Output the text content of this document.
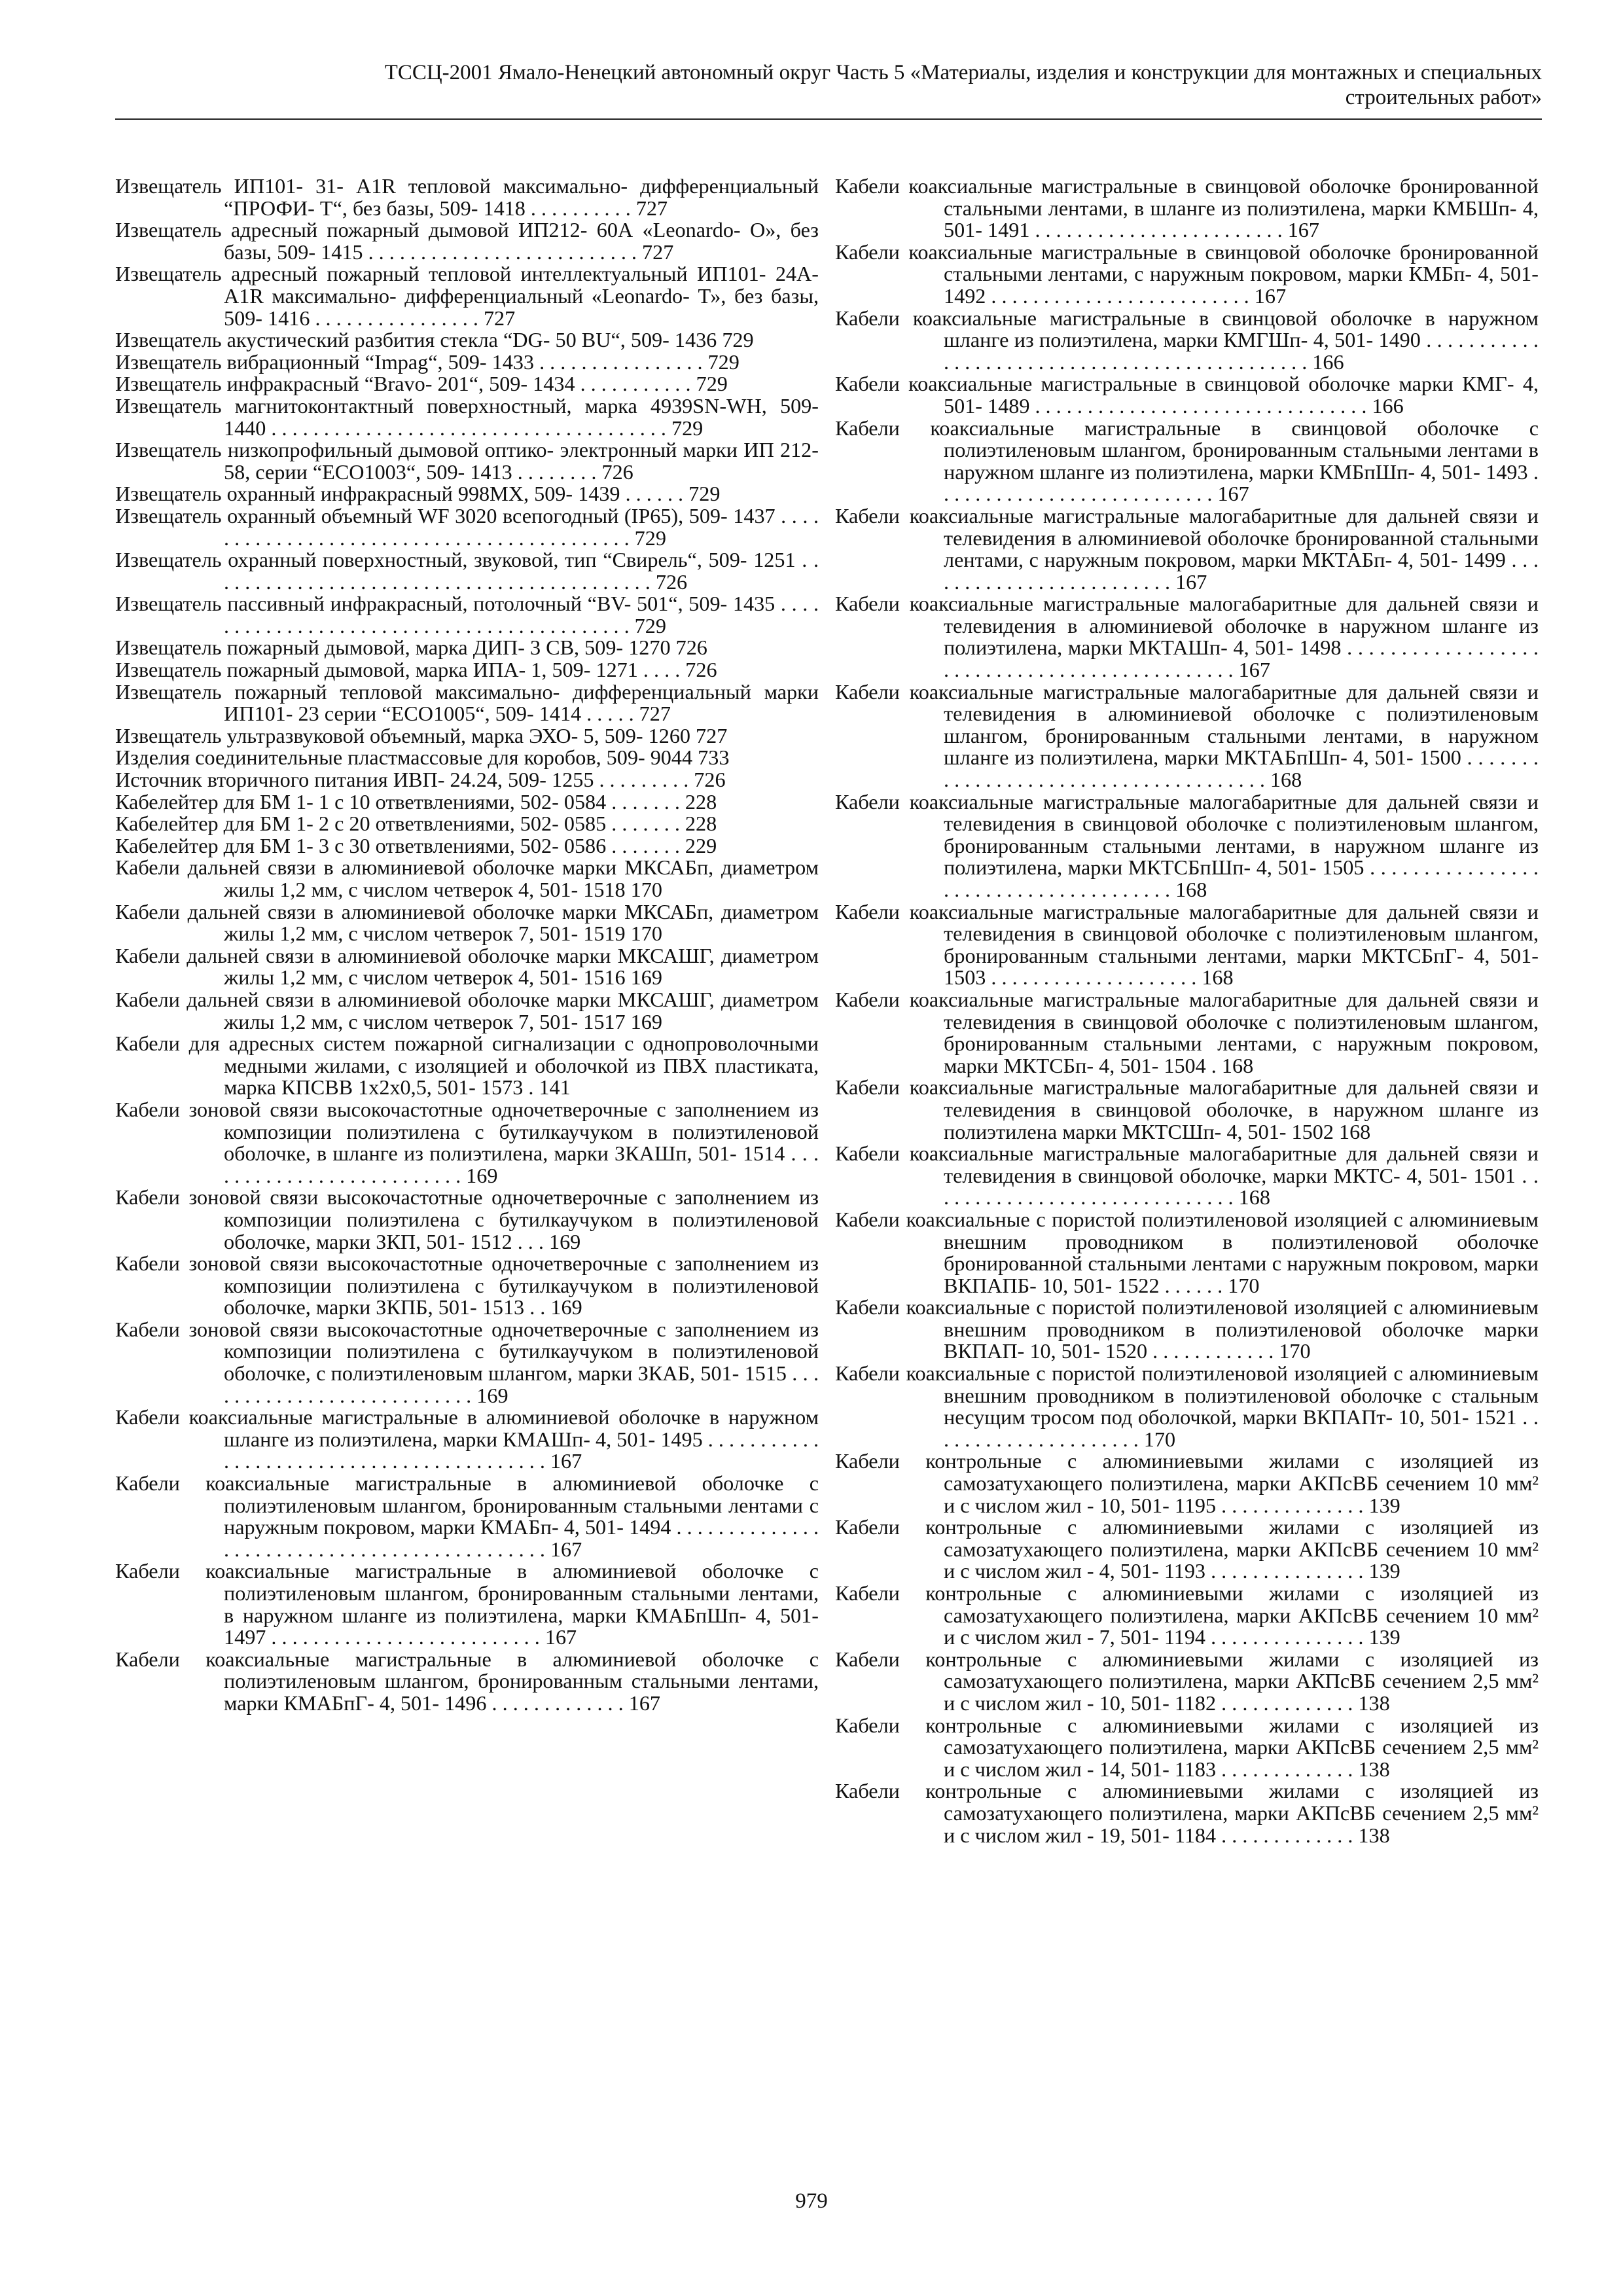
ТССЦ-2001 Ямало-Ненецкий автономный округ Часть 5 «Материалы, изделия и конструкции для монтажных и специальных
строительных работ»

Извещатель ИП101- 31- A1R тепловой максимально- дифференциальный “ПРОФИ- Т“, без базы, 509- 1418 . . . . . . . . . . 727

Извещатель адресный пожарный дымовой ИП212- 60А «Leonardo- О», без базы, 509- 1415 . . . . . . . . . . . . . . . . . . . . . . . . . . 727

Извещатель адресный пожарный тепловой интеллектуальный ИП101- 24А- A1R максимально- дифференциальный «Leonardo- Т», без базы, 509- 1416 . . . . . . . . . . . . . . . . 727

Извещатель акустический разбития стекла “DG- 50 BU“, 509- 1436 729

Извещатель вибрационный “Impag“, 509- 1433 . . . . . . . . . . . . . . . . 729

Извещатель инфракрасный “Bravo- 201“, 509- 1434 . . . . . . . . . . . 729

Извещатель магнитоконтактный поверхностный, марка 4939SN-WH, 509- 1440 . . . . . . . . . . . . . . . . . . . . . . . . . . . . . . . . . . . . . . 729

Извещатель низкопрофильный дымовой оптико- электронный марки ИП 212- 58, серии “ECO1003“, 509- 1413 . . . . . . . . 726

Извещатель охранный инфракрасный 998МХ, 509- 1439 . . . . . . 729

Извещатель охранный объемный WF 3020 всепогодный (IP65), 509- 1437 . . . . . . . . . . . . . . . . . . . . . . . . . . . . . . . . . . . . . . . . . . . 729

Извещатель охранный поверхностный, звуковой, тип “Свирель“, 509- 1251 . . . . . . . . . . . . . . . . . . . . . . . . . . . . . . . . . . . . . . . . . . . 726

Извещатель пассивный инфракрасный, потолочный “BV- 501“, 509- 1435 . . . . . . . . . . . . . . . . . . . . . . . . . . . . . . . . . . . . . . . . . . . 729

Извещатель пожарный дымовой, марка ДИП- 3 СВ, 509- 1270 726

Извещатель пожарный дымовой, марка ИПА- 1, 509- 1271 . . . . 726

Извещатель пожарный тепловой максимально- дифференциальный марки ИП101- 23 серии “ECO1005“, 509- 1414 . . . . . 727

Извещатель ультразвуковой объемный, марка ЭХО- 5, 509- 1260 727

Изделия соединительные пластмассовые для коробов, 509- 9044 733

Источник вторичного питания ИВП- 24.24, 509- 1255 . . . . . . . . . 726

Кабелейтер для БМ 1- 1 с 10 ответвлениями, 502- 0584 . . . . . . . 228

Кабелейтер для БМ 1- 2 с 20 ответвлениями, 502- 0585 . . . . . . . 228

Кабелейтер для БМ 1- 3 с 30 ответвлениями, 502- 0586 . . . . . . . 229

Кабели дальней связи в алюминиевой оболочке марки МКСАБп, диаметром жилы 1,2 мм, с числом четверок 4, 501- 1518 170

Кабели дальней связи в алюминиевой оболочке марки МКСАБп, диаметром жилы 1,2 мм, с числом четверок 7, 501- 1519 170

Кабели дальней связи в алюминиевой оболочке марки МКСАШГ, диаметром жилы 1,2 мм, с числом четверок 4, 501- 1516 169

Кабели дальней связи в алюминиевой оболочке марки МКСАШГ, диаметром жилы 1,2 мм, с числом четверок 7, 501- 1517 169

Кабели для адресных систем пожарной сигнализации с однопроволочными медными жилами, с изоляцией и оболочкой из ПВХ пластиката, марка КПСВВ 1х2х0,5, 501- 1573 . 141

Кабели зоновой связи высокочастотные одночетверочные с заполнением из композиции полиэтилена с бутилкаучуком в полиэтиленовой оболочке, в шланге из полиэтилена, марки ЗКАШп, 501- 1514 . . . . . . . . . . . . . . . . . . . . . . . . . . 169

Кабели зоновой связи высокочастотные одночетверочные с заполнением из композиции полиэтилена с бутилкаучуком в полиэтиленовой оболочке, марки ЗКП, 501- 1512 . . . 169

Кабели зоновой связи высокочастотные одночетверочные с заполнением из композиции полиэтилена с бутилкаучуком в полиэтиленовой оболочке, марки ЗКПБ, 501- 1513 . . 169

Кабели зоновой связи высокочастотные одночетверочные с заполнением из композиции полиэтилена с бутилкаучуком в полиэтиленовой оболочке, с полиэтиленовым шлангом, марки ЗКАБ, 501- 1515 . . . . . . . . . . . . . . . . . . . . . . . . . . . 169

Кабели коаксиальные магистральные в алюминиевой оболочке в наружном шланге из полиэтилена, марки КМАШп- 4, 501- 1495 . . . . . . . . . . . . . . . . . . . . . . . . . . . . . . . . . . . . . . . . . . 167

Кабели коаксиальные магистральные в алюминиевой оболочке с полиэтиленовым шлангом, бронированным стальными лентами с наружным покровом, марки КМАБп- 4, 501- 1494 . . . . . . . . . . . . . . . . . . . . . . . . . . . . . . . . . . . . . . . . . . . . . 167

Кабели коаксиальные магистральные в алюминиевой оболочке с полиэтиленовым шлангом, бронированным стальными лентами, в наружном шланге из полиэтилена, марки КМАБпШп- 4, 501- 1497 . . . . . . . . . . . . . . . . . . . . . . . . . . 167

Кабели коаксиальные магистральные в алюминиевой оболочке с полиэтиленовым шлангом, бронированным стальными лентами, марки КМАБпГ- 4, 501- 1496 . . . . . . . . . . . . . 167

Кабели коаксиальные магистральные в свинцовой оболочке бронированной стальными лентами, в шланге из полиэтилена, марки КМБШп- 4, 501- 1491 . . . . . . . . . . . . . . . . . . . . . . . . 167

Кабели коаксиальные магистральные в свинцовой оболочке бронированной стальными лентами, с наружным покровом, марки КМБп- 4, 501- 1492 . . . . . . . . . . . . . . . . . . . . . . . . . 167

Кабели коаксиальные магистральные в свинцовой оболочке в наружном шланге из полиэтилена, марки КМГШп- 4, 501- 1490 . . . . . . . . . . . . . . . . . . . . . . . . . . . . . . . . . . . . . . . . . . . . . . 166

Кабели коаксиальные магистральные в свинцовой оболочке марки КМГ- 4, 501- 1489 . . . . . . . . . . . . . . . . . . . . . . . . . . . . . . . . 166

Кабели коаксиальные магистральные в свинцовой оболочке с полиэтиленовым шлангом, бронированным стальными лентами в наружном шланге из полиэтилена, марки КМБпШп- 4, 501- 1493 . . . . . . . . . . . . . . . . . . . . . . . . . . . 167

Кабели коаксиальные магистральные малогабаритные для дальней связи и телевидения в алюминиевой оболочке бронированной стальными лентами, с наружным покровом, марки МКТАБп- 4, 501- 1499 . . . . . . . . . . . . . . . . . . . . . . . . . 167

Кабели коаксиальные магистральные малогабаритные для дальней связи и телевидения в алюминиевой оболочке в наружном шланге из полиэтилена, марки МКТАШп- 4, 501- 1498 . . . . . . . . . . . . . . . . . . . . . . . . . . . . . . . . . . . . . . . . . . . . . . 167

Кабели коаксиальные магистральные малогабаритные для дальней связи и телевидения в алюминиевой оболочке с полиэтиленовым шлангом, бронированным стальными лентами, в наружном шланге из полиэтилена, марки МКТАБпШп- 4, 501- 1500 . . . . . . . . . . . . . . . . . . . . . . . . . . . . . . . . . . . . . . 168

Кабели коаксиальные магистральные малогабаритные для дальней связи и телевидения в свинцовой оболочке с полиэтиленовым шлангом, бронированным стальными лентами, в наружном шланге из полиэтилена, марки МКТСБпШп- 4, 501- 1505 . . . . . . . . . . . . . . . . . . . . . . . . . . . . . . . . . . . . . . 168

Кабели коаксиальные магистральные малогабаритные для дальней связи и телевидения в свинцовой оболочке с полиэтиленовым шлангом, бронированным стальными лентами, марки МКТСБпГ- 4, 501- 1503 . . . . . . . . . . . . . . . . . . . . 168

Кабели коаксиальные магистральные малогабаритные для дальней связи и телевидения в свинцовой оболочке с полиэтиленовым шлангом, бронированным стальными лентами, с наружным покровом, марки МКТСБп- 4, 501- 1504 . 168

Кабели коаксиальные магистральные малогабаритные для дальней связи и телевидения в свинцовой оболочке, в наружном шланге из полиэтилена марки МКТСШп- 4, 501- 1502 168

Кабели коаксиальные магистральные малогабаритные для дальней связи и телевидения в свинцовой оболочке, марки МКТС- 4, 501- 1501 . . . . . . . . . . . . . . . . . . . . . . . . . . . . . . 168

Кабели коаксиальные с пористой полиэтиленовой изоляцией с алюминиевым внешним проводником в полиэтиленовой оболочке бронированной стальными лентами с наружным покровом, марки ВКПАПБ- 10, 501- 1522 . . . . . . 170

Кабели коаксиальные с пористой полиэтиленовой изоляцией с алюминиевым внешним проводником в полиэтиленовой оболочке марки ВКПАП- 10, 501- 1520 . . . . . . . . . . . . 170

Кабели коаксиальные с пористой полиэтиленовой изоляцией с алюминиевым внешним проводником в полиэтиленовой оболочке с стальным несущим тросом под оболочкой, марки ВКПАПт- 10, 501- 1521 . . . . . . . . . . . . . . . . . . . . . 170

Кабели контрольные с алюминиевыми жилами с изоляцией из самозатухающего полиэтилена, марки АКПсВБ сечением 10 мм² и с числом жил - 10, 501- 1195 . . . . . . . . . . . . . . 139

Кабели контрольные с алюминиевыми жилами с изоляцией из самозатухающего полиэтилена, марки АКПсВБ сечением 10 мм² и с числом жил - 4, 501- 1193 . . . . . . . . . . . . . . . 139

Кабели контрольные с алюминиевыми жилами с изоляцией из самозатухающего полиэтилена, марки АКПсВБ сечением 10 мм² и с числом жил - 7, 501- 1194 . . . . . . . . . . . . . . . 139

Кабели контрольные с алюминиевыми жилами с изоляцией из самозатухающего полиэтилена, марки АКПсВБ сечением 2,5 мм² и с числом жил - 10, 501- 1182 . . . . . . . . . . . . . 138

Кабели контрольные с алюминиевыми жилами с изоляцией из самозатухающего полиэтилена, марки АКПсВБ сечением 2,5 мм² и с числом жил - 14, 501- 1183 . . . . . . . . . . . . . 138

Кабели контрольные с алюминиевыми жилами с изоляцией из самозатухающего полиэтилена, марки АКПсВБ сечением 2,5 мм² и с числом жил - 19, 501- 1184 . . . . . . . . . . . . . 138

979
